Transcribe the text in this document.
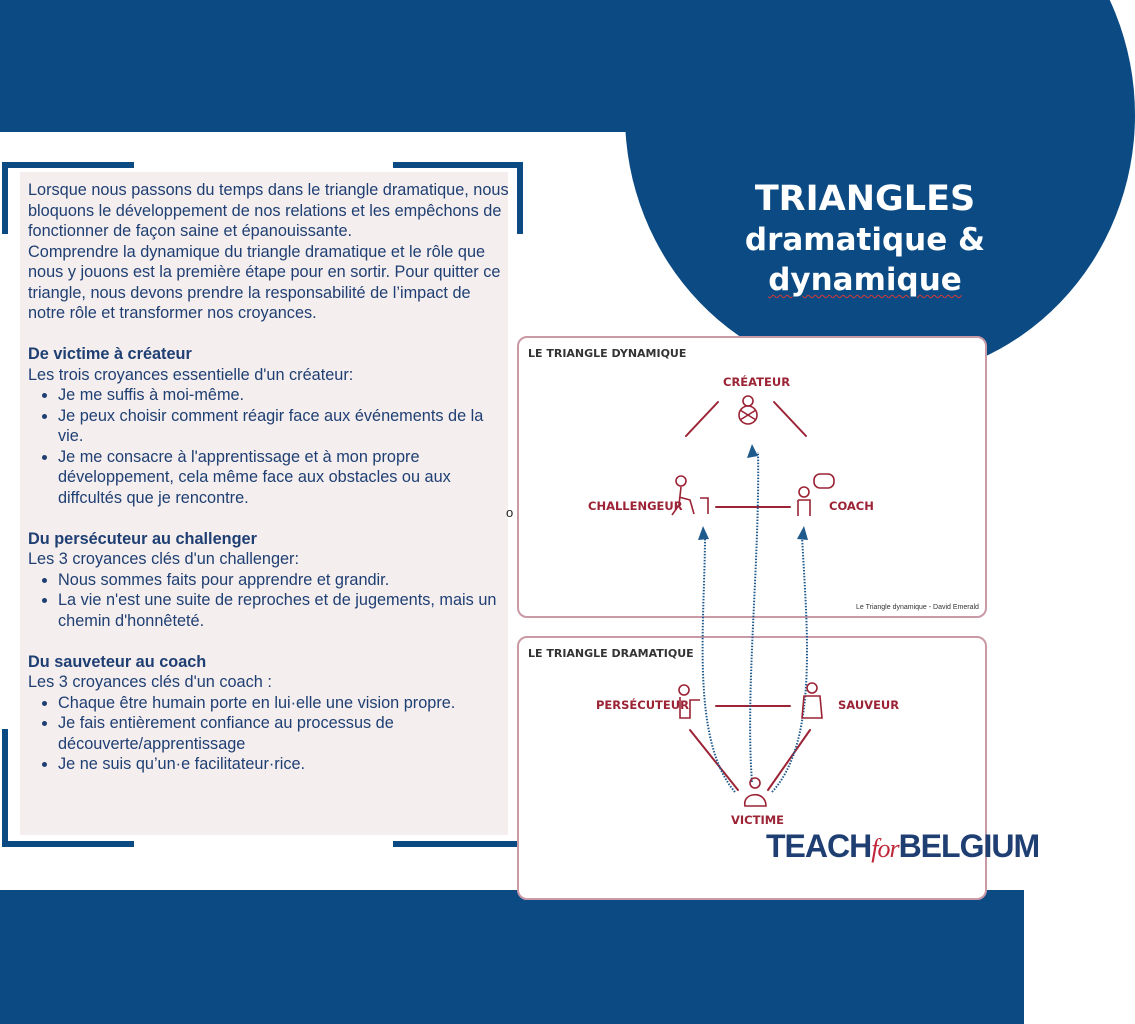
TRIANGLES
dramatique &
dynamique

Lorsque nous passons du temps dans le triangle dramatique, nous bloquons le développement de nos relations et les empêchons de fonctionner de façon saine et épanouissante.

Comprendre la dynamique du triangle dramatique et le rôle que nous y jouons est la première étape pour en sortir. Pour quitter ce triangle, nous devons prendre la responsabilité de l’impact de notre rôle et transformer nos croyances.

De victime à créateur

Les trois croyances essentielle d'un créateur:

• Je me suffis à moi-même.
• Je peux choisir comment réagir face aux événements de la vie.
• Je me consacre à l'apprentissage et à mon propre développement, cela même face aux obstacles ou aux diffcultés que je rencontre.
Du persécuteur au challenger

Les 3 croyances clés d'un challenger:

• Nous sommes faits pour apprendre et grandir.
• La vie n'est une suite de reproches et de jugements, mais un chemin d'honnêteté.
Du sauveteur au coach

Les 3 croyances clés d'un coach :

• Chaque être humain porte en lui·elle une vision propre.
• Je fais entièrement confiance au processus de découverte/apprentissage
• Je ne suis qu’un·e facilitateur·rice.
o
LE TRIANGLE DYNAMIQUE
LE TRIANGLE DRAMATIQUE
CRÉATEUR
CHALLENGEUR	COACH
PERSÉCUTEUR	SAUVEUR
VICTIME
Le Triangle dynamique - David Emerald
TEACHforBELGIUM
